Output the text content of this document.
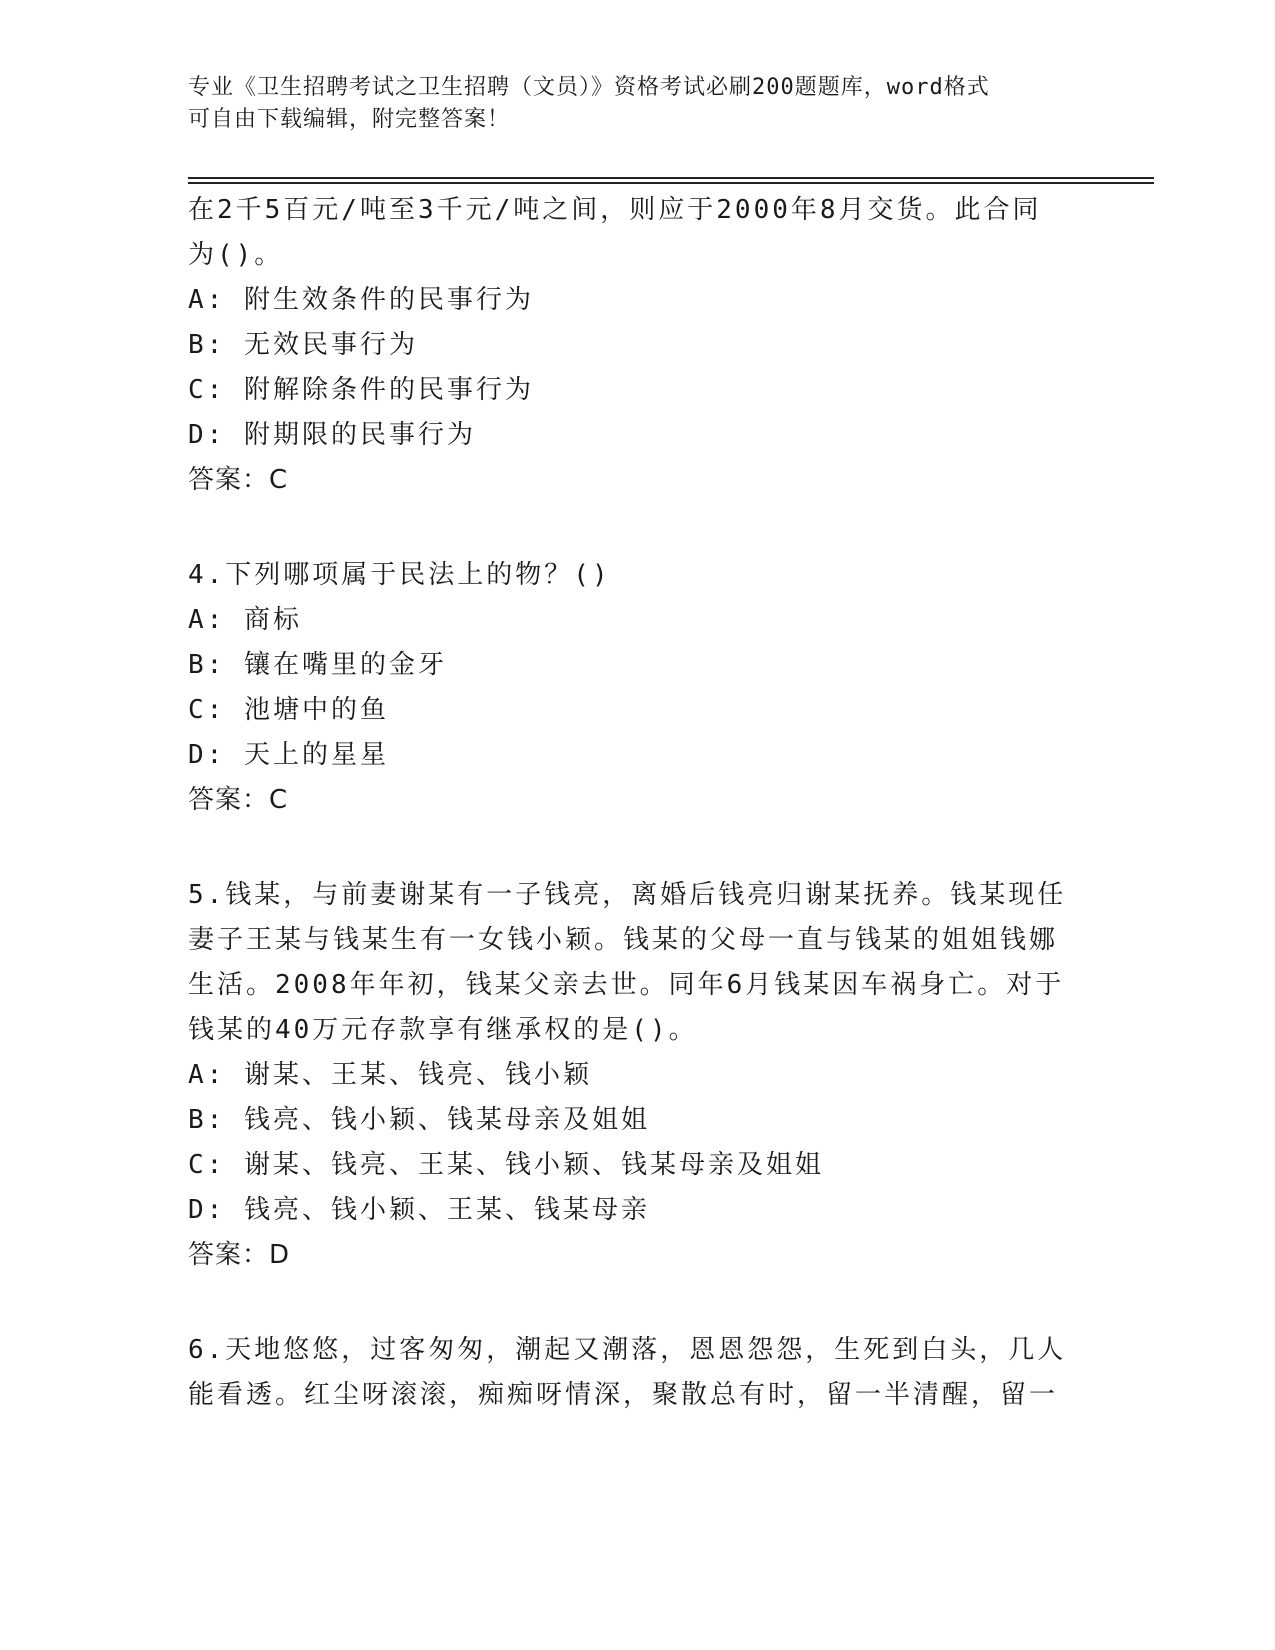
专业《卫生招聘考试之卫生招聘（文员）》资格考试必刷200题题库，word格式
可自由下载编辑，附完整答案！
在2千5百元/吨至3千元/吨之间，则应于2000年8月交货。此合同
为()。
A: 附生效条件的民事行为
B: 无效民事行为
C: 附解除条件的民事行为
D: 附期限的民事行为
答案：C
4.下列哪项属于民法上的物？()
A: 商标
B: 镶在嘴里的金牙
C: 池塘中的鱼
D: 天上的星星
答案：C
5.钱某，与前妻谢某有一子钱亮，离婚后钱亮归谢某抚养。钱某现任
妻子王某与钱某生有一女钱小颖。钱某的父母一直与钱某的姐姐钱娜
生活。2008年年初，钱某父亲去世。同年6月钱某因车祸身亡。对于
钱某的40万元存款享有继承权的是()。
A: 谢某、王某、钱亮、钱小颖
B: 钱亮、钱小颖、钱某母亲及姐姐
C: 谢某、钱亮、王某、钱小颖、钱某母亲及姐姐
D: 钱亮、钱小颖、王某、钱某母亲
答案：D
6.天地悠悠，过客匆匆，潮起又潮落，恩恩怨怨，生死到白头，几人
能看透。红尘呀滚滚，痴痴呀情深，聚散总有时，留一半清醒，留一
